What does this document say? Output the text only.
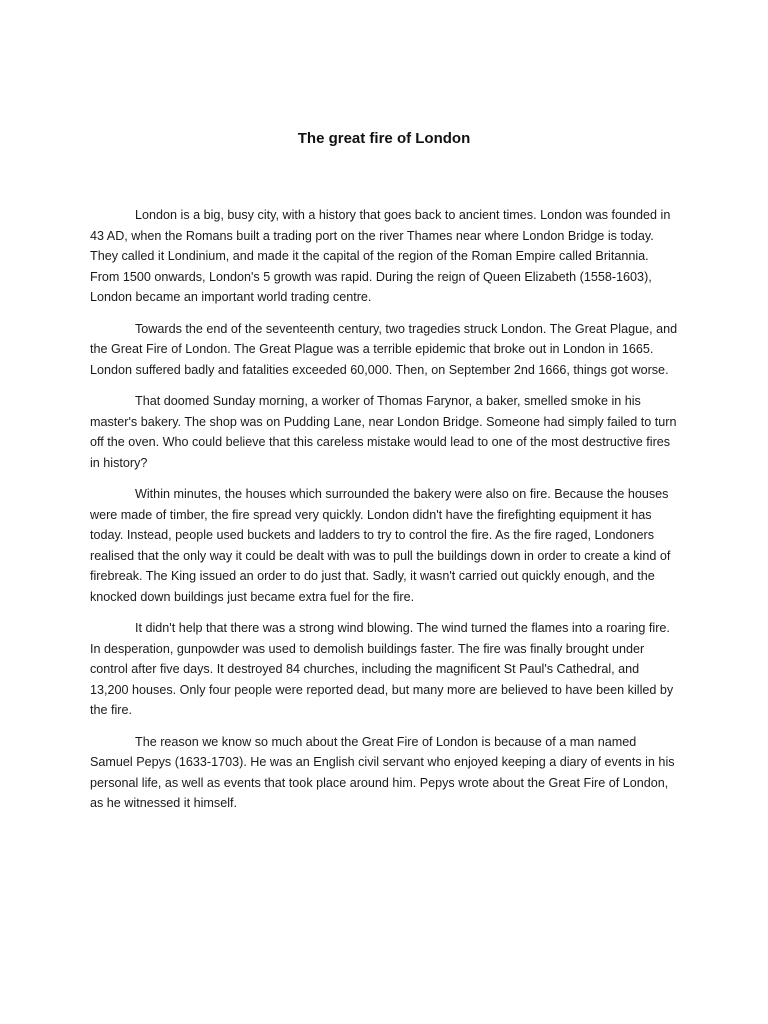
The great fire of London

London is a big, busy city, with a history that goes back to ancient times. London was founded in 43 AD, when the Romans built a trading port on the river Thames near where London Bridge is today. They called it Londinium, and made it the capital of the region of the Roman Empire called Britannia. From 1500 onwards, London's 5 growth was rapid. During the reign of Queen Elizabeth (1558-1603), London became an important world trading centre.

Towards the end of the seventeenth century, two tragedies struck London. The Great Plague, and the Great Fire of London. The Great Plague was a terrible epidemic that broke out in London in 1665. London suffered badly and fatalities exceeded 60,000. Then, on September 2nd 1666, things got worse.

That doomed Sunday morning, a worker of Thomas Farynor, a baker, smelled smoke in his master's bakery. The shop was on Pudding Lane, near London Bridge. Someone had simply failed to turn off the oven. Who could believe that this careless mistake would lead to one of the most destructive fires in history?

Within minutes, the houses which surrounded the bakery were also on fire. Because the houses were made of timber, the fire spread very quickly. London didn't have the firefighting equipment it has today. Instead, people used buckets and ladders to try to control the fire. As the fire raged, Londoners realised that the only way it could be dealt with was to pull the buildings down in order to create a kind of firebreak. The King issued an order to do just that. Sadly, it wasn't carried out quickly enough, and the knocked down buildings just became extra fuel for the fire.

It didn't help that there was a strong wind blowing. The wind turned the flames into a roaring fire. In desperation, gunpowder was used to demolish buildings faster. The fire was finally brought under control after five days. It destroyed 84 churches, including the magnificent St Paul's Cathedral, and 13,200 houses. Only four people were reported dead, but many more are believed to have been killed by the fire.

The reason we know so much about the Great Fire of London is because of a man named Samuel Pepys (1633-1703). He was an English civil servant who enjoyed keeping a diary of events in his personal life, as well as events that took place around him. Pepys wrote about the Great Fire of London, as he witnessed it himself.
